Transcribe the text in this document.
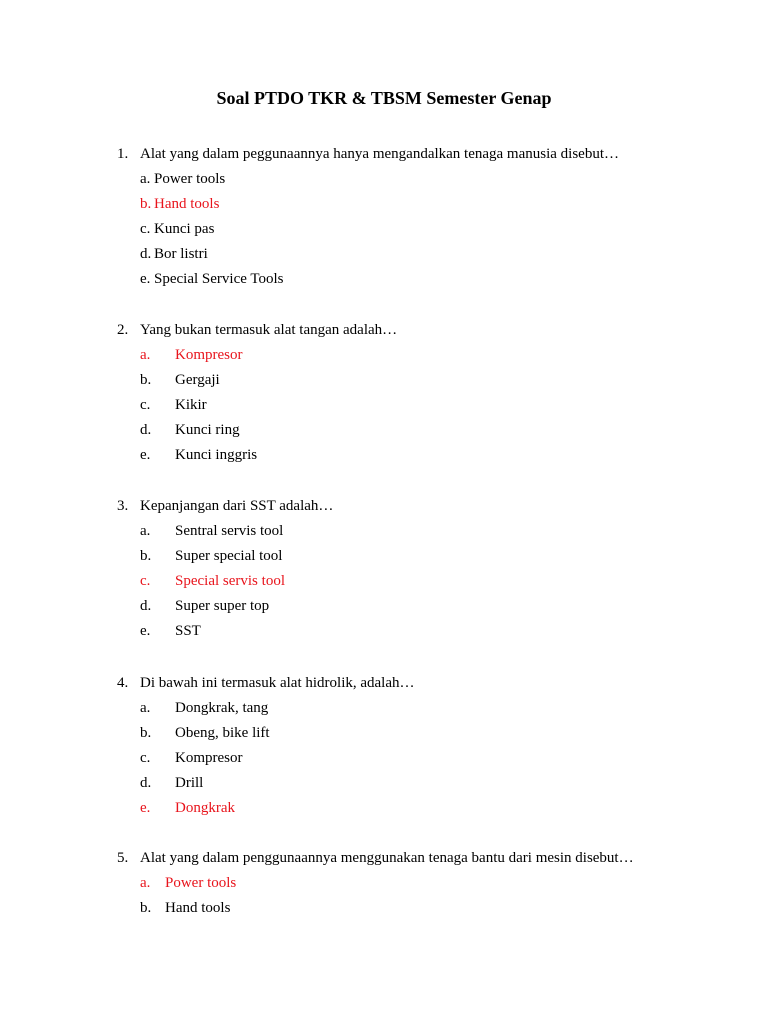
Soal PTDO TKR & TBSM Semester Genap
1. Alat yang dalam peggunaannya hanya mengandalkan tenaga manusia disebut…
a. Power tools
b. Hand tools
c. Kunci pas
d. Bor listri
e. Special Service Tools
2. Yang bukan termasuk alat tangan adalah…
a. Kompresor
b. Gergaji
c. Kikir
d. Kunci ring
e. Kunci inggris
3. Kepanjangan dari SST adalah…
a. Sentral servis tool
b. Super special tool
c. Special servis tool
d. Super super top
e. SST
4. Di bawah ini termasuk alat hidrolik, adalah…
a. Dongkrak, tang
b. Obeng, bike lift
c. Kompresor
d. Drill
e. Dongkrak
5. Alat yang dalam penggunaannya menggunakan tenaga bantu dari mesin disebut…
a. Power tools
b. Hand tools
